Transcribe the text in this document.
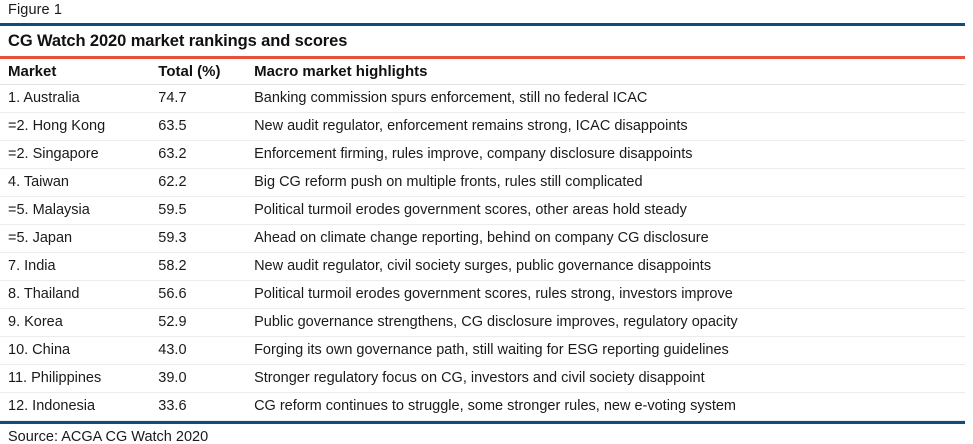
Figure 1
CG Watch 2020 market rankings and scores
Market	Total (%)	Macro market highlights
1. Australia	74.7	Banking commission spurs enforcement, still no federal ICAC
=2. Hong Kong	63.5	New audit regulator, enforcement remains strong, ICAC disappoints
=2. Singapore	63.2	Enforcement firming, rules improve, company disclosure disappoints
4. Taiwan	62.2	Big CG reform push on multiple fronts, rules still complicated
=5. Malaysia	59.5	Political turmoil erodes government scores, other areas hold steady
=5. Japan	59.3	Ahead on climate change reporting, behind on company CG disclosure
7. India	58.2	New audit regulator, civil society surges, public governance disappoints
8. Thailand	56.6	Political turmoil erodes government scores, rules strong, investors improve
9. Korea	52.9	Public governance strengthens, CG disclosure improves, regulatory opacity
10. China	43.0	Forging its own governance path, still waiting for ESG reporting guidelines
11. Philippines	39.0	Stronger regulatory focus on CG, investors and civil society disappoint
12. Indonesia	33.6	CG reform continues to struggle, some stronger rules, new e-voting system
Source: ACGA CG Watch 2020
